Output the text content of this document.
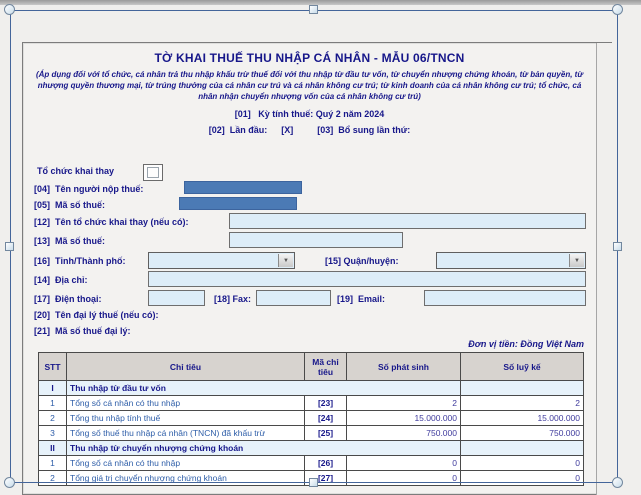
TỜ KHAI THUẾ THU NHẬP CÁ NHÂN - MẪU 06/TNCN
(Áp dụng đối với tổ chức, cá nhân trả thu nhập khấu trừ thuế đối với thu nhập từ đầu tư vốn, từ chuyển nhượng chứng khoán, từ bản quyền, từ nhượng quyền thương mại, từ trúng thưởng của cá nhân cư trú và cá nhân không cư trú; từ kinh doanh của cá nhân không cư trú; tổ chức, cá nhân nhận chuyển nhượng vốn của cá nhân không cư trú)
[01]   Kỳ tính thuế: Quý 2 năm 2024
[02]  Lần đầu: [X]	[03]  Bổ sung lần thứ:
Tổ chức khai thay
[04]  Tên người nộp thuế:
[05]  Mã số thuế:
[12]  Tên tổ chức khai thay (nếu có):
[13]  Mã số thuế:
[16]  Tỉnh/Thành phố:	▼	[15] Quận/huyện:	▼
[14]  Địa chỉ:
[17]  Điện thoại:	[18] Fax:	[19]  Email:
[20]  Tên đại lý thuế (nếu có):
[21]  Mã số thuế đại lý:
Đơn vị tiền: Đồng Việt Nam
STT	Chỉ tiêu	Mã chỉ tiêu	Số phát sinh	Số luỹ kế
I	Thu nhập từ đầu tư vốn			
1	Tổng số cá nhân có thu nhập	[23]	2	2
2	Tổng thu nhập tính thuế	[24]	15.000.000	15.000.000
3	Tổng số thuế thu nhập cá nhân (TNCN) đã khấu trừ	[25]	750.000	750.000
II	Thu nhập từ chuyển nhượng chứng khoán			
1	Tổng số cá nhân có thu nhập	[26]	0	0
2	Tổng giá trị chuyển nhượng chứng khoán	[27]	0	0
